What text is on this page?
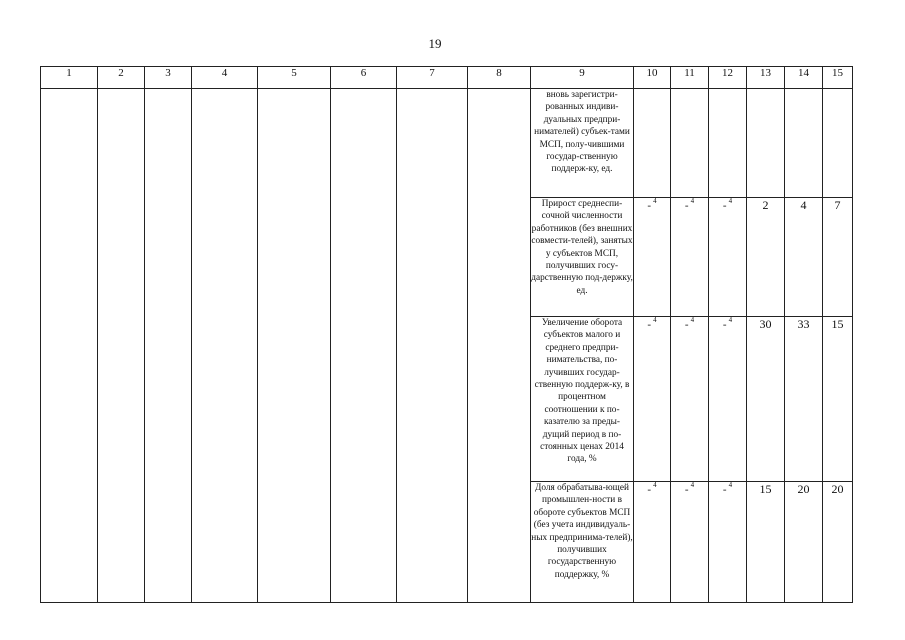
19
1	2	3	4	5	6	7	8	9	10	11	12	13	14	15
								вновь зарегистри-рованных индиви-дуальных предпри-нимателей) субъек-тами МСП, полу-чившими государ-ственную поддерж-ку, ед.						
								Прирост среднеспи-сочной численности работников (без внешних совмести-телей), занятых у субъектов МСП, получивших госу-дарственную под-держку, ед.	- $^4$	- $^4$	- $^4$	2	4	7
								Увеличение оборота субъектов малого и среднего предпри-нимательства, по-лучивших государ-ственную поддерж-ку, в процентном соотношении к по-казателю за преды-дущий период в по-стоянных ценах 2014 года, %	- $^4$	- $^4$	- $^4$	30	33	15
								Доля обрабатыва-ющей промышлен-ности в обороте субъектов МСП (без учета индивидуаль-ных предпринима-телей), получивших государственную поддержку, %	- $^4$	- $^4$	- $^4$	15	20	20
